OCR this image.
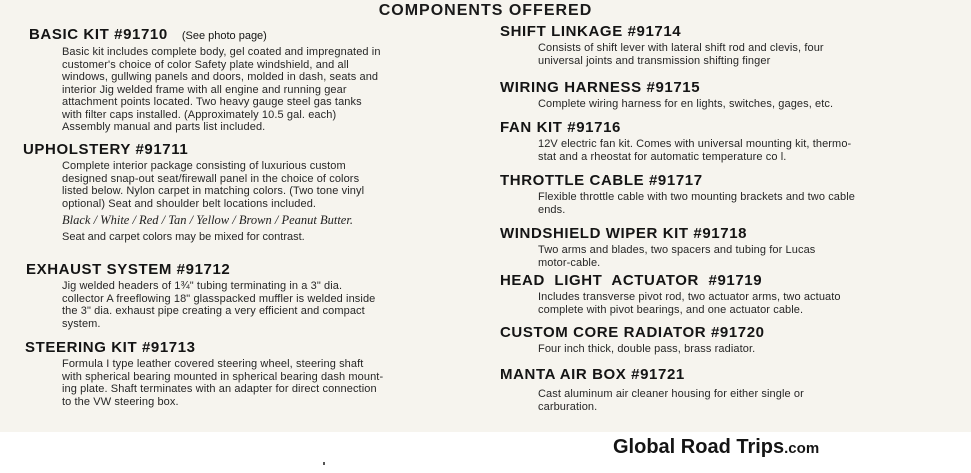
COMPONENTS OFFERED
BASIC KIT #91710 (See photo page)
Basic kit includes complete body, gel coated and impregnated in
customer's choice of color Safety plate windshield, and all
windows, gullwing panels and doors, molded in dash, seats and
interior Jig welded frame with all engine and running gear
attachment points located. Two heavy gauge steel gas tanks
with filter caps installed. (Approximately 10.5 gal. each)
Assembly manual and parts list included.
UPHOLSTERY #91711
Complete interior package consisting of luxurious custom
designed snap-out seat/firewall panel in the choice of colors
listed below. Nylon carpet in matching colors. (Two tone vinyl
optional) Seat and shoulder belt locations included.
Black / White / Red / Tan / Yellow / Brown / Peanut Butter.
Seat and carpet colors may be mixed for contrast.
EXHAUST SYSTEM #91712
Jig welded headers of 1¾" tubing terminating in a 3" dia.
collector A freeflowing 18" glasspacked muffler is welded inside
the 3" dia. exhaust pipe creating a very efficient and compact
system.
STEERING KIT #91713
Formula I type leather covered steering wheel, steering shaft
with spherical bearing mounted in spherical bearing dash mount-
ing plate. Shaft terminates with an adapter for direct connection
to the VW steering box.
SHIFT LINKAGE #91714
Consists of shift lever with lateral shift rod and clevis, four
universal joints and transmission shifting finger
WIRING HARNESS #91715
Complete wiring harness for en lights, switches, gages, etc.
FAN KIT #91716
12V electric fan kit. Comes with universal mounting kit, thermo-
stat and a rheostat for automatic temperature co l.
THROTTLE CABLE #91717
Flexible throttle cable with two mounting brackets and two cable
ends.
WINDSHIELD WIPER KIT #91718
Two arms and blades, two spacers and tubing for Lucas
motor-cable.
HEAD  LIGHT  ACTUATOR  #91719
Includes transverse pivot rod, two actuator arms, two actuato
complete with pivot bearings, and one actuator cable.
CUSTOM CORE RADIATOR #91720
Four inch thick, double pass, brass radiator.
MANTA AIR BOX #91721
Cast aluminum air cleaner housing for either single or
carburation.
Global Road Trips.com
